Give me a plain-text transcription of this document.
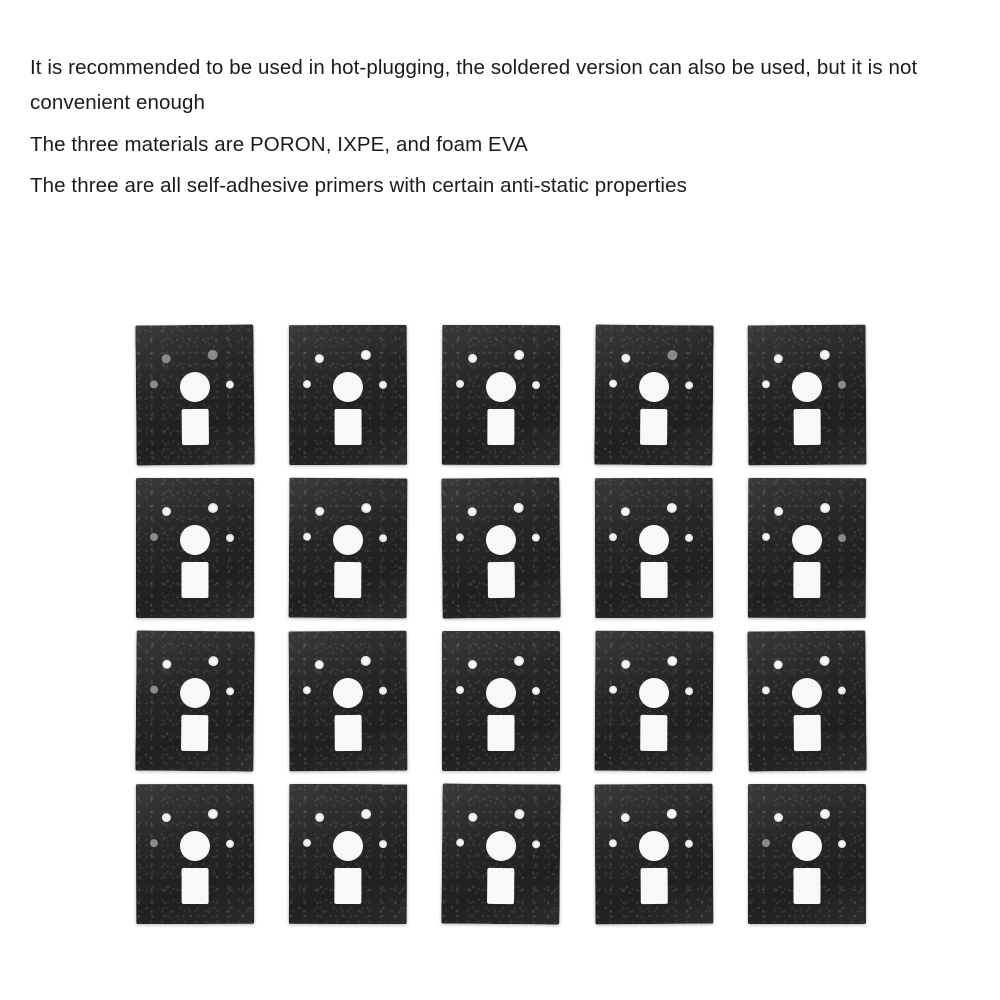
It is recommended to be used in hot-plugging, the soldered version can also be used, but it is not convenient enough

The three materials are PORON, IXPE, and foam EVA

The three are all self-adhesive primers with certain anti-static properties
